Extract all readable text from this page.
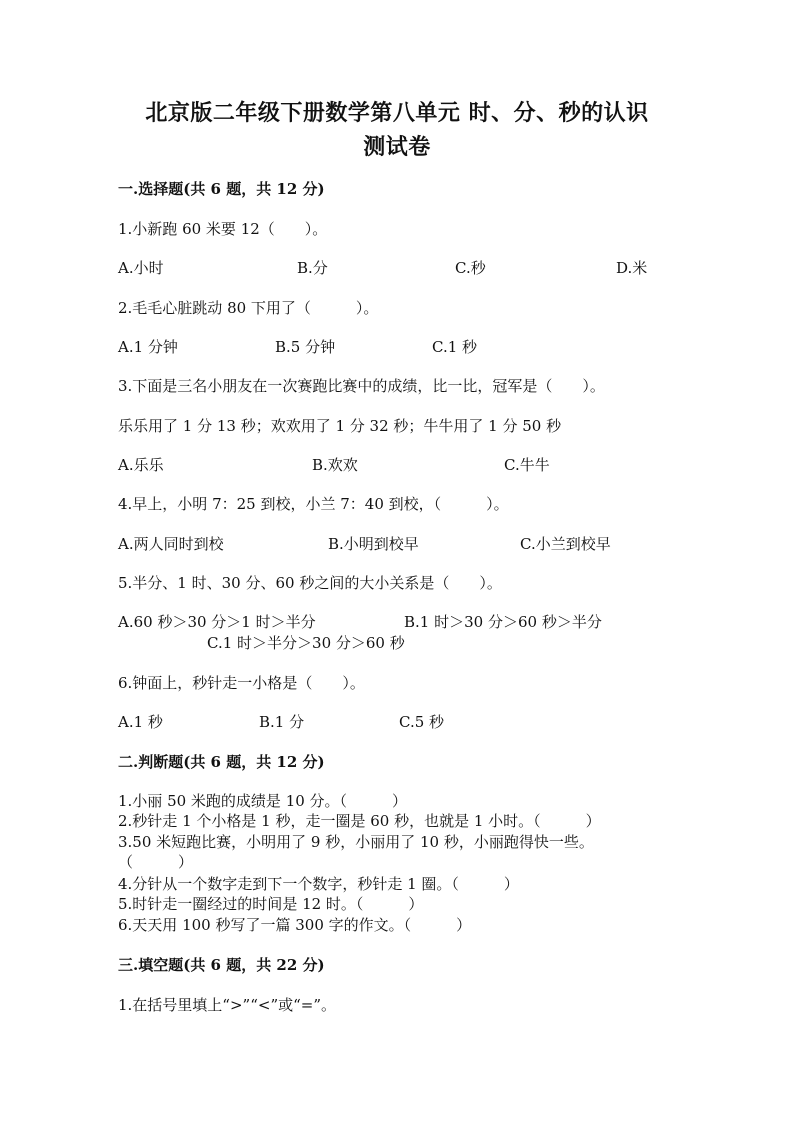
北京版二年级下册数学第八单元 时、分、秒的认识
测试卷
一.选择题(共 6 题，共 12 分)
1.小新跑 60 米要 12（　　）。
A.小时	B.分	C.秒	D.米
2.毛毛心脏跳动 80 下用了（　　　）。
A.1 分钟	B.5 分钟	C.1 秒
3.下面是三名小朋友在一次赛跑比赛中的成绩，比一比，冠军是（　　）。
乐乐用了 1 分 13 秒；欢欢用了 1 分 32 秒；牛牛用了 1 分 50 秒
A.乐乐	B.欢欢	C.牛牛
4.早上，小明 7：25 到校，小兰 7：40 到校，（　　　）。
A.两人同时到校	B.小明到校早	C.小兰到校早
5.半分、1 时、30 分、60 秒之间的大小关系是（　　）。
A.60 秒＞30 分＞1 时＞半分	B.1 时＞30 分＞60 秒＞半分
C.1 时＞半分＞30 分＞60 秒
6.钟面上，秒针走一小格是（　　）。
A.1 秒	B.1 分	C.5 秒
二.判断题(共 6 题，共 12 分)
1.小丽 50 米跑的成绩是 10 分。（　　　）
2.秒针走 1 个小格是 1 秒，走一圈是 60 秒，也就是 1 小时。（　　　）
3.50 米短跑比赛，小明用了 9 秒，小丽用了 10 秒，小丽跑得快一些。
（　　　）
4.分针从一个数字走到下一个数字，秒针走 1 圈。（　　　）
5.时针走一圈经过的时间是 12 时。（　　　）
6.天天用 100 秒写了一篇 300 字的作文。（　　　）
三.填空题(共 6 题，共 22 分)
1.在括号里填上“>”“<”或“=”。
